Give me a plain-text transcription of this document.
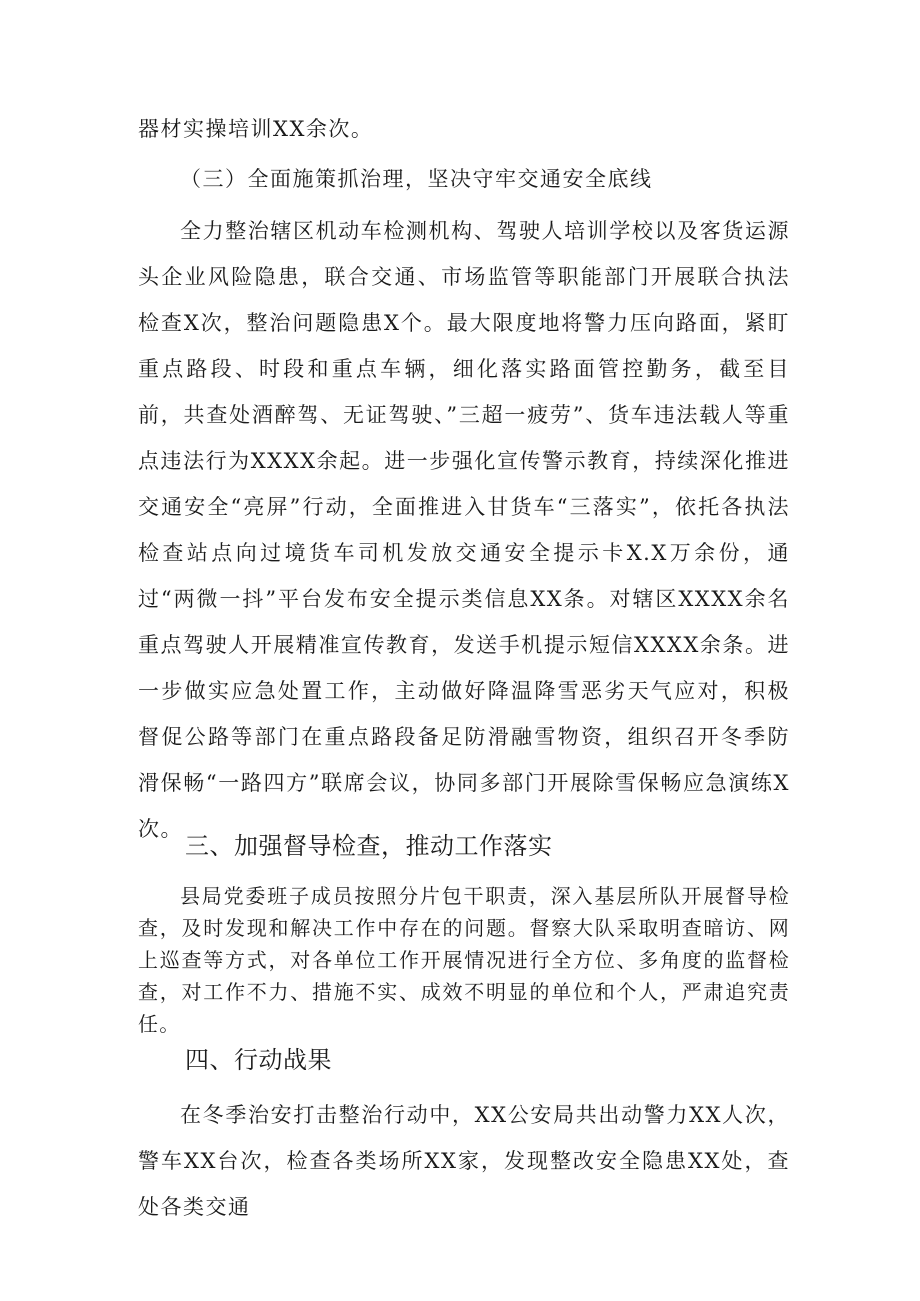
器材实操培训XX余次。

（三）全面施策抓治理，坚决守牢交通安全底线

全力整治辖区机动车检测机构、驾驶人培训学校以及客货运源头企业风险隐患，联合交通、市场监管等职能部门开展联合执法检查X次，整治问题隐患X个。最大限度地将警力压向路面，紧盯重点路段、时段和重点车辆，细化落实路面管控勤务，截至目前，共查处酒醉驾、无证驾驶、”三超一疲劳”、货车违法载人等重点违法行为XXXX余起。进一步强化宣传警示教育，持续深化推进交通安全“亮屏”行动，全面推进入甘货车“三落实”，依托各执法检查站点向过境货车司机发放交通安全提示卡X.X万余份，通过“两微一抖”平台发布安全提示类信息XX条。对辖区XXXX余名重点驾驶人开展精准宣传教育，发送手机提示短信XXXX余条。进一步做实应急处置工作，主动做好降温降雪恶劣天气应对，积极督促公路等部门在重点路段备足防滑融雪物资，组织召开冬季防滑保畅“一路四方”联席会议，协同多部门开展除雪保畅应急演练X次。

三、加强督导检查，推动工作落实

县局党委班子成员按照分片包干职责，深入基层所队开展督导检查，及时发现和解决工作中存在的问题。督察大队采取明查暗访、网上巡查等方式，对各单位工作开展情况进行全方位、多角度的监督检查，对工作不力、措施不实、成效不明显的单位和个人，严肃追究责任。

四、行动战果

在冬季治安打击整治行动中，XX公安局共出动警力XX人次，警车XX台次，检查各类场所XX家，发现整改安全隐患XX处，查处各类交通
